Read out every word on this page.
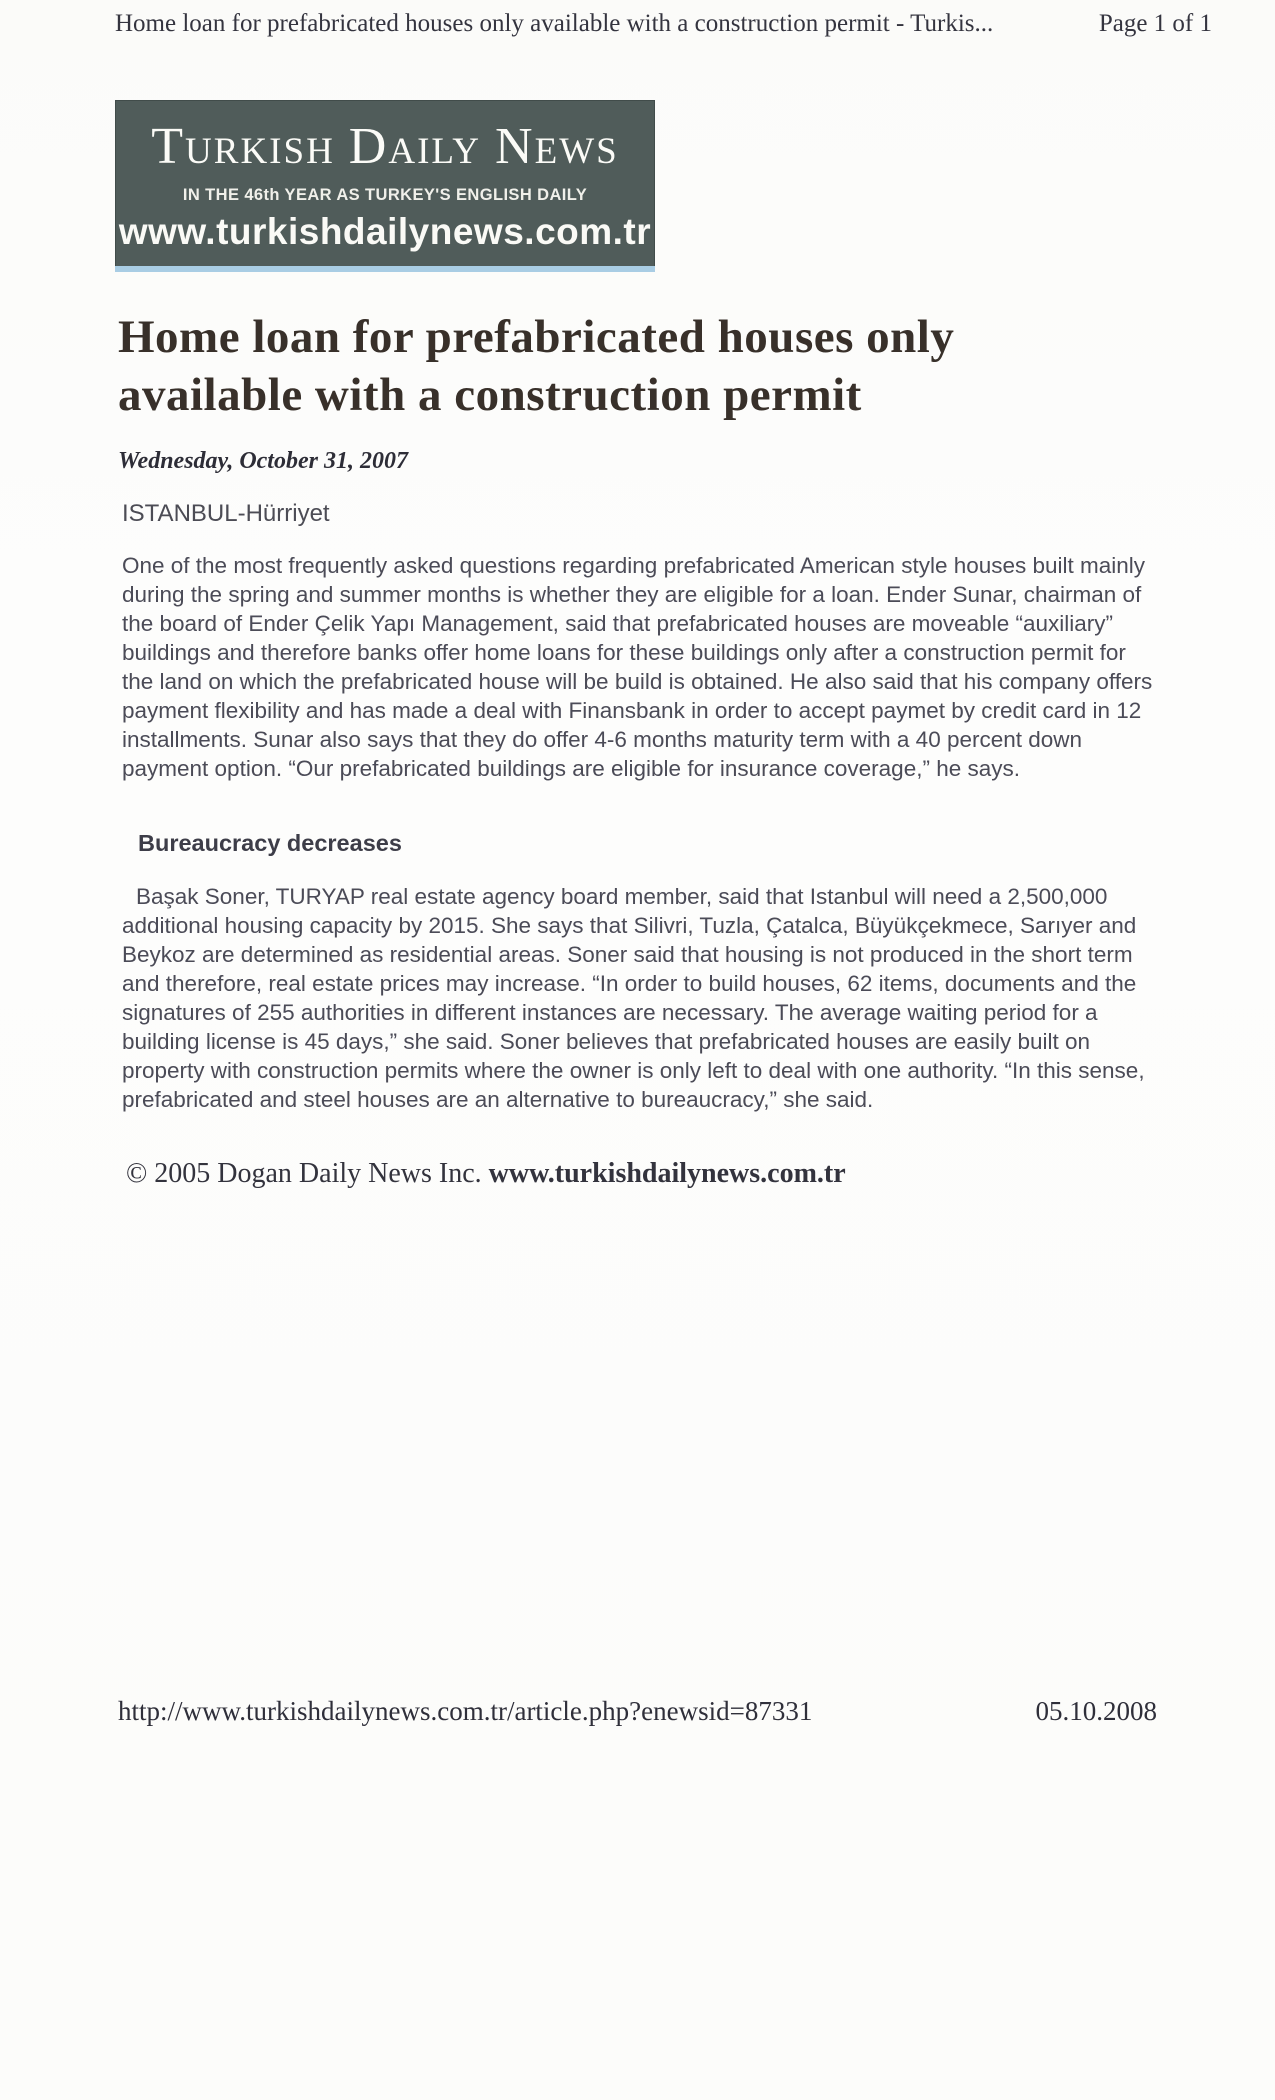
Home loan for prefabricated houses only available with a construction permit - Turkis...	Page 1 of 1
TURKISH DAILY NEWS
IN THE 46th YEAR AS TURKEY'S ENGLISH DAILY
www.turkishdailynews.com.tr
Home loan for prefabricated houses only
available with a construction permit
Wednesday, October 31, 2007
ISTANBUL-Hürriyet
One of the most frequently asked questions regarding prefabricated American style houses built mainly during the spring and summer months is whether they are eligible for a loan. Ender Sunar, chairman of the board of Ender Çelik Yapı Management, said that prefabricated houses are moveable “auxiliary” buildings and therefore banks offer home loans for these buildings only after a construction permit for the land on which the prefabricated house will be build is obtained. He also said that his company offers payment flexibility and has made a deal with Finansbank in order to accept paymet by credit card in 12 installments. Sunar also says that they do offer 4-6 months maturity term with a 40 percent down payment option. “Our prefabricated buildings are eligible for insurance coverage,” he says.
Bureaucracy decreases
Başak Soner, TURYAP real estate agency board member, said that Istanbul will need a 2,500,000 additional housing capacity by 2015. She says that Silivri, Tuzla, Çatalca, Büyükçekmece, Sarıyer and Beykoz are determined as residential areas. Soner said that housing is not produced in the short term and therefore, real estate prices may increase. “In order to build houses, 62 items, documents and the signatures of 255 authorities in different instances are necessary. The average waiting period for a building license is 45 days,” she said. Soner believes that prefabricated houses are easily built on property with construction permits where the owner is only left to deal with one authority. “In this sense, prefabricated and steel houses are an alternative to bureaucracy,” she said.
© 2005 Dogan Daily News Inc. www.turkishdailynews.com.tr
http://www.turkishdailynews.com.tr/article.php?enewsid=87331	05.10.2008
